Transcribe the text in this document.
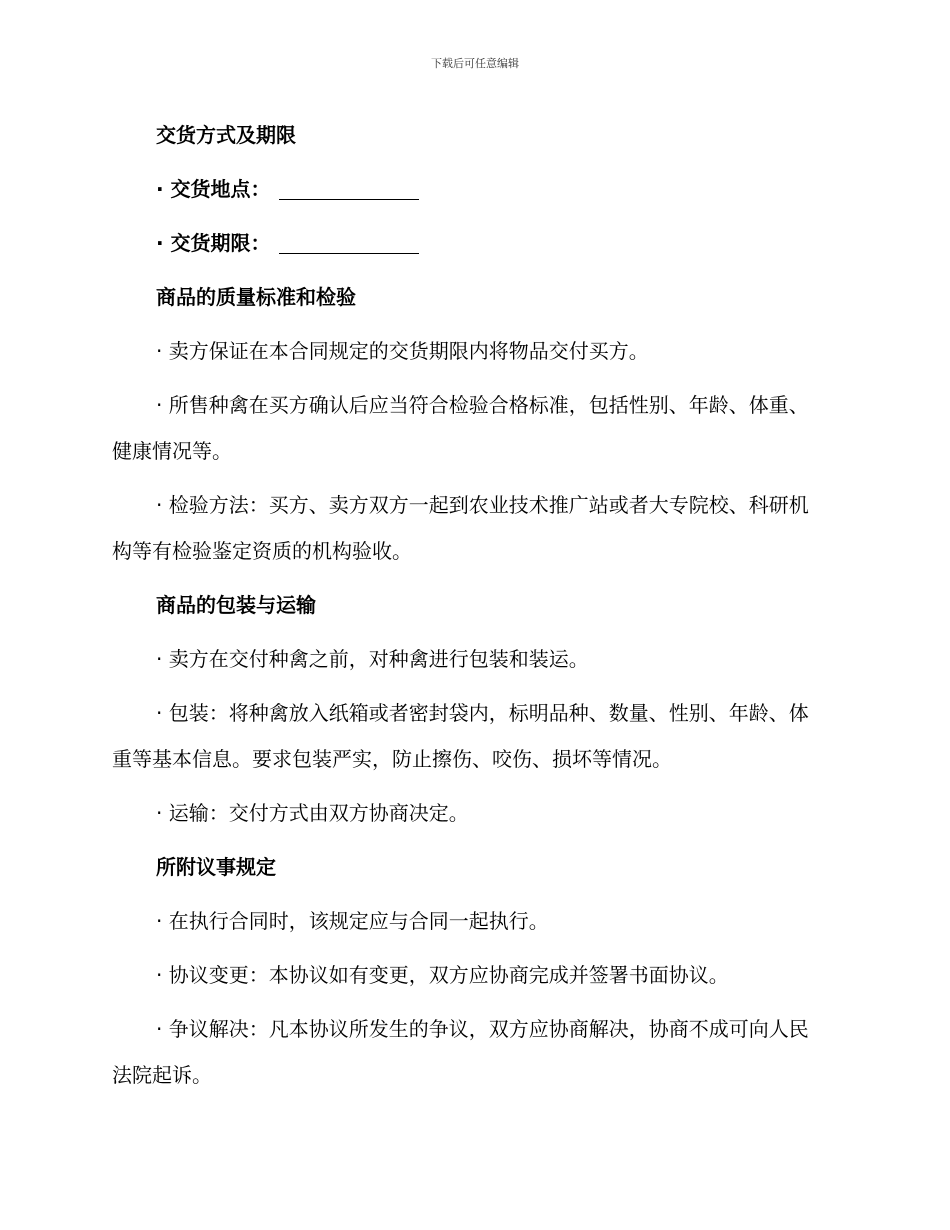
下载后可任意编辑

交货方式及期限

· 交货地点：

· 交货期限：

商品的质量标准和检验

· 卖方保证在本合同规定的交货期限内将物品交付买方。

· 所售种禽在买方确认后应当符合检验合格标准，包括性别、年龄、体重、健康情况等。

· 检验方法：买方、卖方双方一起到农业技术推广站或者大专院校、科研机构等有检验鉴定资质的机构验收。

商品的包装与运输

· 卖方在交付种禽之前，对种禽进行包装和装运。

· 包装：将种禽放入纸箱或者密封袋内，标明品种、数量、性别、年龄、体重等基本信息。要求包装严实，防止擦伤、咬伤、损坏等情况。

· 运输：交付方式由双方协商决定。

所附议事规定

· 在执行合同时，该规定应与合同一起执行。

· 协议变更：本协议如有变更，双方应协商完成并签署书面协议。

· 争议解决：凡本协议所发生的争议，双方应协商解决，协商不成可向人民法院起诉。
